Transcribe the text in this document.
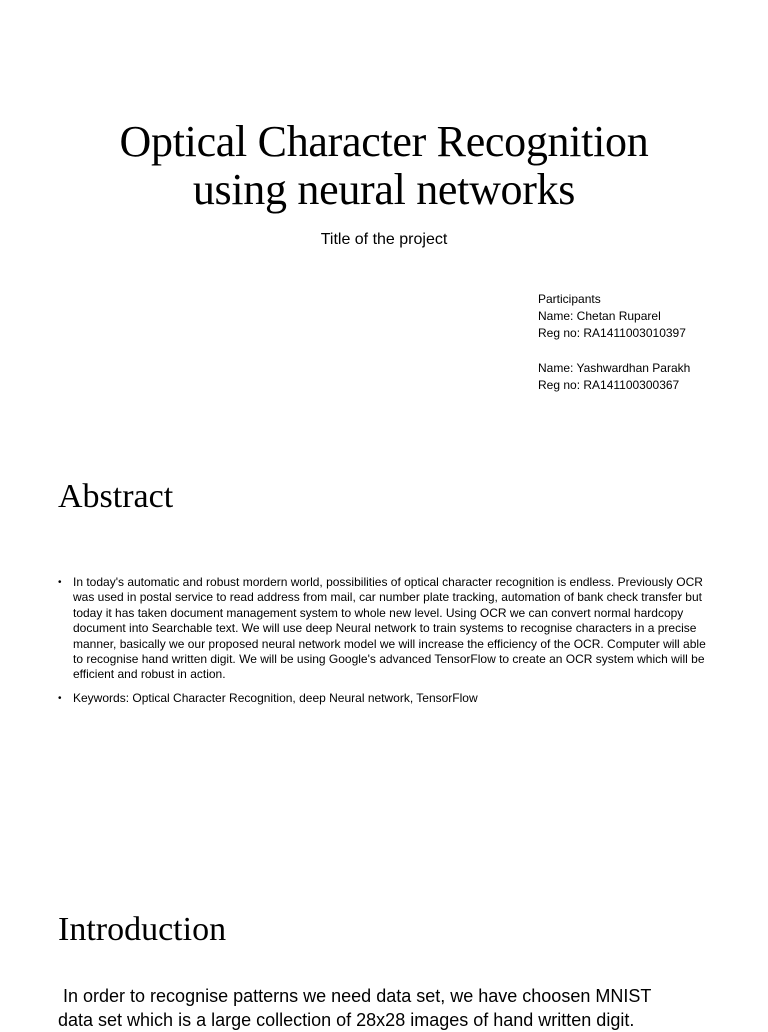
Optical Character Recognition
using neural networks
Title of the project
Participants
Name: Chetan Ruparel
Reg no: RA1411003010397
Name: Yashwardhan Parakh
Reg no: RA141100300367
Abstract
• In today's automatic and robust mordern world, possibilities of optical character recognition is endless. Previously OCR was used in postal service to read address from mail, car number plate tracking, automation of bank check transfer but today it has taken document management system to whole new level. Using OCR we can convert normal hardcopy document into Searchable text. We will use deep Neural network to train systems to recognise characters in a precise manner, basically we our proposed neural network model we will increase the efficiency of the OCR. Computer will able to recognise hand written digit. We will be using Google's advanced TensorFlow to create an OCR system which will be efficient and robust in action.
• Keywords: Optical Character Recognition, deep Neural network, TensorFlow
Introduction
In order to recognise patterns we need data set, we have choosen MNIST
data set which is a large collection of 28x28 images of hand written digit.
